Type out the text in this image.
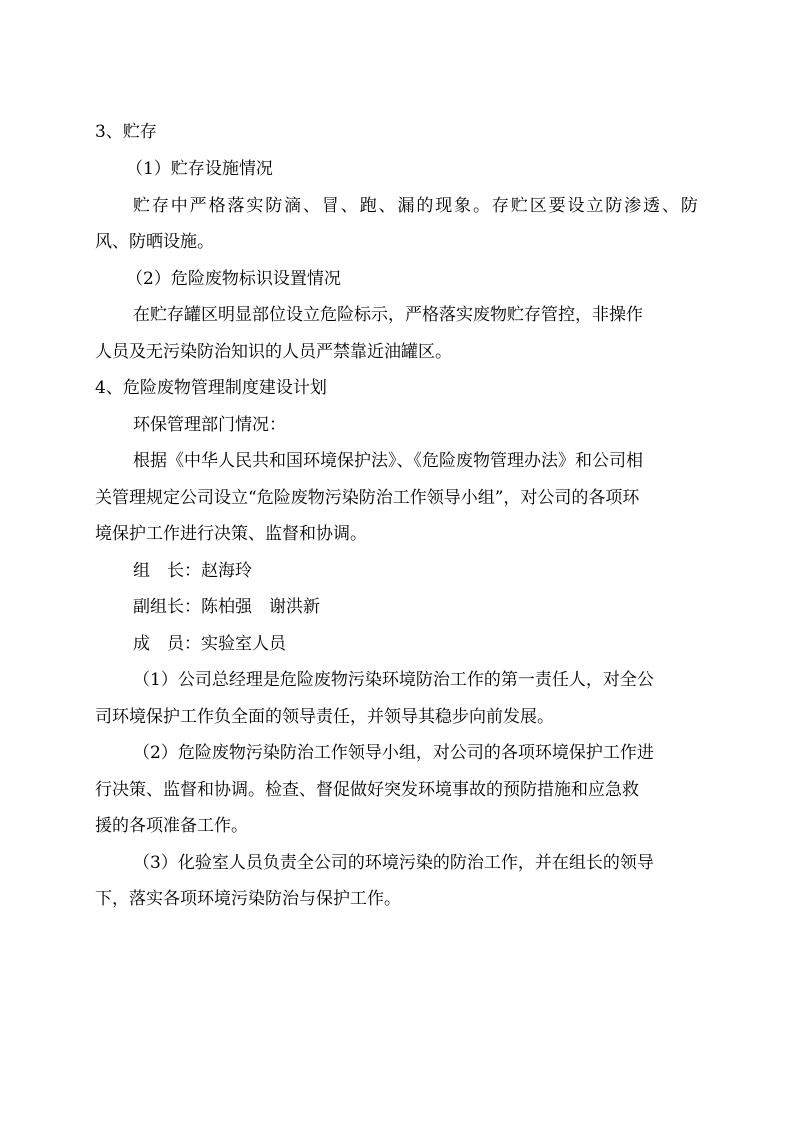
3、贮存
（1）贮存设施情况
贮 存 中 严 格 落 实 防 滴 、 冒 、 跑 、 漏 的 现 象 。 存 贮 区 要 设 立 防 渗 透 、 防
风、防晒设施。
（2）危险废物标识设置情况
在贮存罐区明显部位设立危险标示，严格落实废物贮存管控，非操作
人员及无污染防治知识的人员严禁靠近油罐区。
4、危险废物管理制度建设计划
环保管理部门情况：
根据《中华人民共和国环境保护法》、《危险废物管理办法》和公司相
关管理规定公司设立“危险废物污染防治工作领导小组”，对公司的各项环
境保护工作进行决策、监督和协调。
组　长：赵海玲
副组长：陈柏强　谢洪新
成　员：实验室人员
（1）公司总经理是危险废物污染环境防治工作的第一责任人，对全公
司环境保护工作负全面的领导责任，并领导其稳步向前发展。
（2）危险废物污染防治工作领导小组，对公司的各项环境保护工作进
行决策、监督和协调。检查、督促做好突发环境事故的预防措施和应急救
援的各项准备工作。
（3）化验室人员负责全公司的环境污染的防治工作，并在组长的领导
下，落实各项环境污染防治与保护工作。
